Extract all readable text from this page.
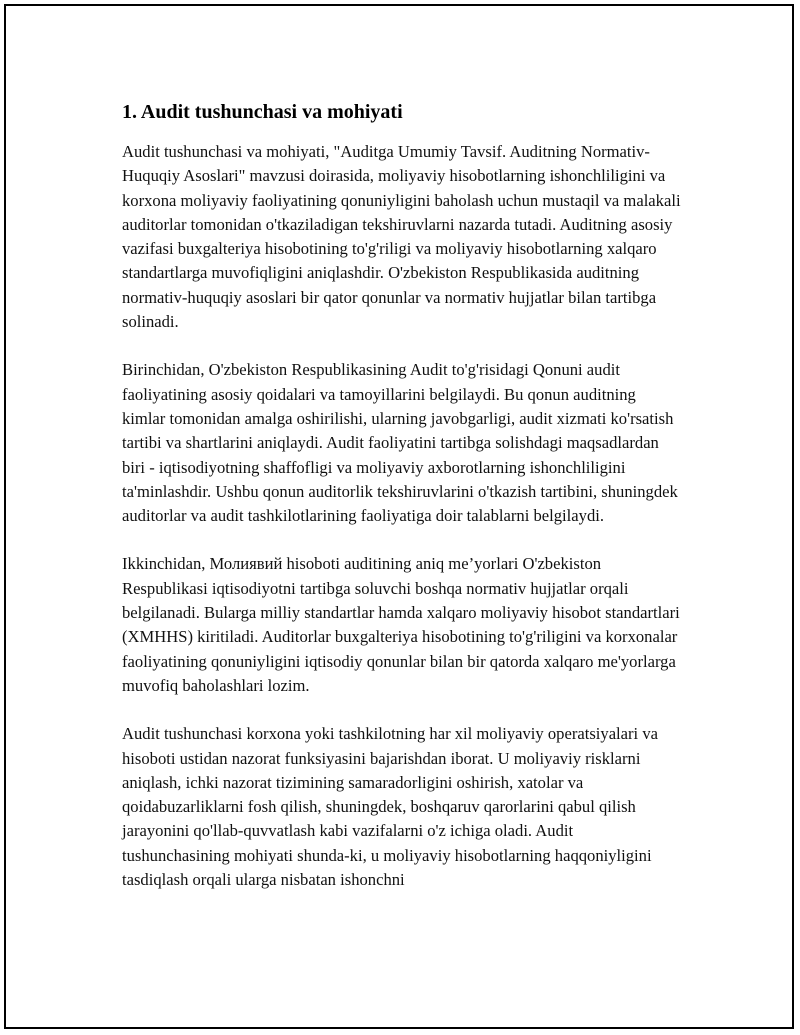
1. Audit tushunchasi va mohiyati

Audit tushunchasi va mohiyati, "Auditga Umumiy Tavsif. Auditning Normativ-Huquqiy Asoslari" mavzusi doirasida, moliyaviy hisobotlarning ishonchliligini va korxona moliyaviy faoliyatining qonuniyligini baholash uchun mustaqil va malakali auditorlar tomonidan o'tkaziladigan tekshiruvlarni nazarda tutadi. Auditning asosiy vazifasi buxgalteriya hisobotining to'g'riligi va moliyaviy hisobotlarning xalqaro standartlarga muvofiqligini aniqlashdir. O'zbekiston Respublikasida auditning normativ-huquqiy asoslari bir qator qonunlar va normativ hujjatlar bilan tartibga solinadi.

Birinchidan, O'zbekiston Respublikasining Audit to'g'risidagi Qonuni audit faoliyatining asosiy qoidalari va tamoyillarini belgilaydi. Bu qonun auditning kimlar tomonidan amalga oshirilishi, ularning javobgarligi, audit xizmati ko'rsatish tartibi va shartlarini aniqlaydi. Audit faoliyatini tartibga solishdagi maqsadlardan biri - iqtisodiyotning shaffofligi va moliyaviy axborotlarning ishonchliligini ta'minlashdir. Ushbu qonun auditorlik tekshiruvlarini o'tkazish tartibini, shuningdek auditorlar va audit tashkilotlarining faoliyatiga doir talablarni belgilaydi.

Ikkinchidan, Молиявий hisoboti auditining aniq me’yorlari O'zbekiston Respublikasi iqtisodiyotni tartibga soluvchi boshqa normativ hujjatlar orqali belgilanadi. Bularga milliy standartlar hamda xalqaro moliyaviy hisobot standartlari (XMHHS) kiritiladi. Auditorlar buxgalteriya hisobotining to'g'riligini va korxonalar faoliyatining qonuniyligini iqtisodiy qonunlar bilan bir qatorda xalqaro me'yorlarga muvofiq baholashlari lozim.

Audit tushunchasi korxona yoki tashkilotning har xil moliyaviy operatsiyalari va hisoboti ustidan nazorat funksiyasini bajarishdan iborat. U moliyaviy risklarni aniqlash, ichki nazorat tizimining samaradorligini oshirish, xatolar va qoidabuzarliklarni fosh qilish, shuningdek, boshqaruv qarorlarini qabul qilish jarayonini qo'llab-quvvatlash kabi vazifalarni o'z ichiga oladi. Audit tushunchasining mohiyati shunda-ki, u moliyaviy hisobotlarning haqqoniyligini tasdiqlash orqali ularga nisbatan ishonchni
